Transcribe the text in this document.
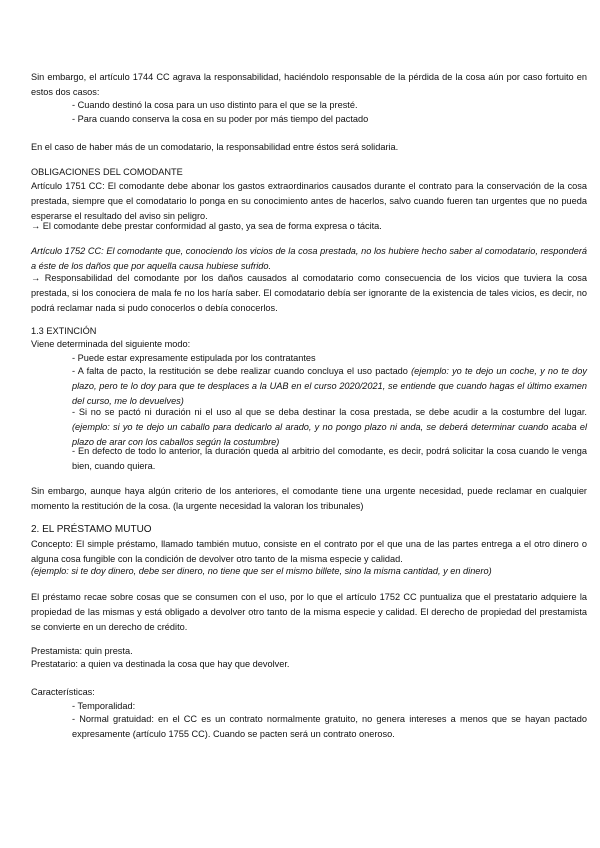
Sin embargo, el artículo 1744 CC agrava la responsabilidad, haciéndolo responsable de la pérdida de la cosa aún por caso fortuito en estos dos casos:

- Cuando destinó la cosa para un uso distinto para el que se la presté.

- Para cuando conserva la cosa en su poder por más tiempo del pactado

En el caso de haber más de un comodatario, la responsabilidad entre éstos será solidaria.

OBLIGACIONES DEL COMODANTE

Artículo 1751 CC: El comodante debe abonar los gastos extraordinarios causados durante el contrato para la conservación de la cosa prestada, siempre que el comodatario lo ponga en su conocimiento antes de hacerlos, salvo cuando fueren tan urgentes que no pueda esperarse el resultado del aviso sin peligro.

→ El comodante debe prestar conformidad al gasto, ya sea de forma expresa o tácita.

Artículo 1752 CC: El comodante que, conociendo los vicios de la cosa prestada, no los hubiere hecho saber al comodatario, responderá a éste de los daños que por aquella causa hubiese sufrido.

→ Responsabilidad del comodante por los daños causados al comodatario como consecuencia de los vicios que tuviera la cosa prestada, si los conociera de mala fe no los haría saber. El comodatario debía ser ignorante de la existencia de tales vicios, es decir, no podrá reclamar nada si pudo conocerlos o debía conocerlos.

1.3 EXTINCIÓN

Viene determinada del siguiente modo:

- Puede estar expresamente estipulada por los contratantes

- A falta de pacto, la restitución se debe realizar cuando concluya el uso pactado (ejemplo: yo te dejo un coche, y no te doy plazo, pero te lo doy para que te desplaces a la UAB en el curso 2020/2021, se entiende que cuando hagas el último examen del curso, me lo devuelves)

- Si no se pactó ni duración ni el uso al que se deba destinar la cosa prestada, se debe acudir a la costumbre del lugar. (ejemplo: si yo te dejo un caballo para dedicarlo al arado, y no pongo plazo ni anda, se deberá determinar cuando acaba el plazo de arar con los caballos según la costumbre)

- En defecto de todo lo anterior, la duración queda al arbitrio del comodante, es decir, podrá solicitar la cosa cuando le venga bien, cuando quiera.

Sin embargo, aunque haya algún criterio de los anteriores, el comodante tiene una urgente necesidad, puede reclamar en cualquier momento la restitución de la cosa. (la urgente necesidad la valoran los tribunales)

2. EL PRÉSTAMO MUTUO

Concepto: El simple préstamo, llamado también mutuo, consiste en el contrato por el que una de las partes entrega a el otro dinero o alguna cosa fungible con la condición de devolver otro tanto de la misma especie y calidad.

(ejemplo: si te doy dinero, debe ser dinero, no tiene que ser el mismo billete, sino la misma cantidad, y en dinero)

El préstamo recae sobre cosas que se consumen con el uso, por lo que el artículo 1752 CC puntualiza que el prestatario adquiere la propiedad de las mismas y está obligado a devolver otro tanto de la misma especie y calidad. El derecho de propiedad del prestamista se convierte en un derecho de crédito.

Prestamista: quin presta.

Prestatario: a quien va destinada la cosa que hay que devolver.

Características:

- Temporalidad:

- Normal gratuidad: en el CC es un contrato normalmente gratuito, no genera intereses a menos que se hayan pactado expresamente (artículo 1755 CC). Cuando se pacten será un contrato oneroso.
